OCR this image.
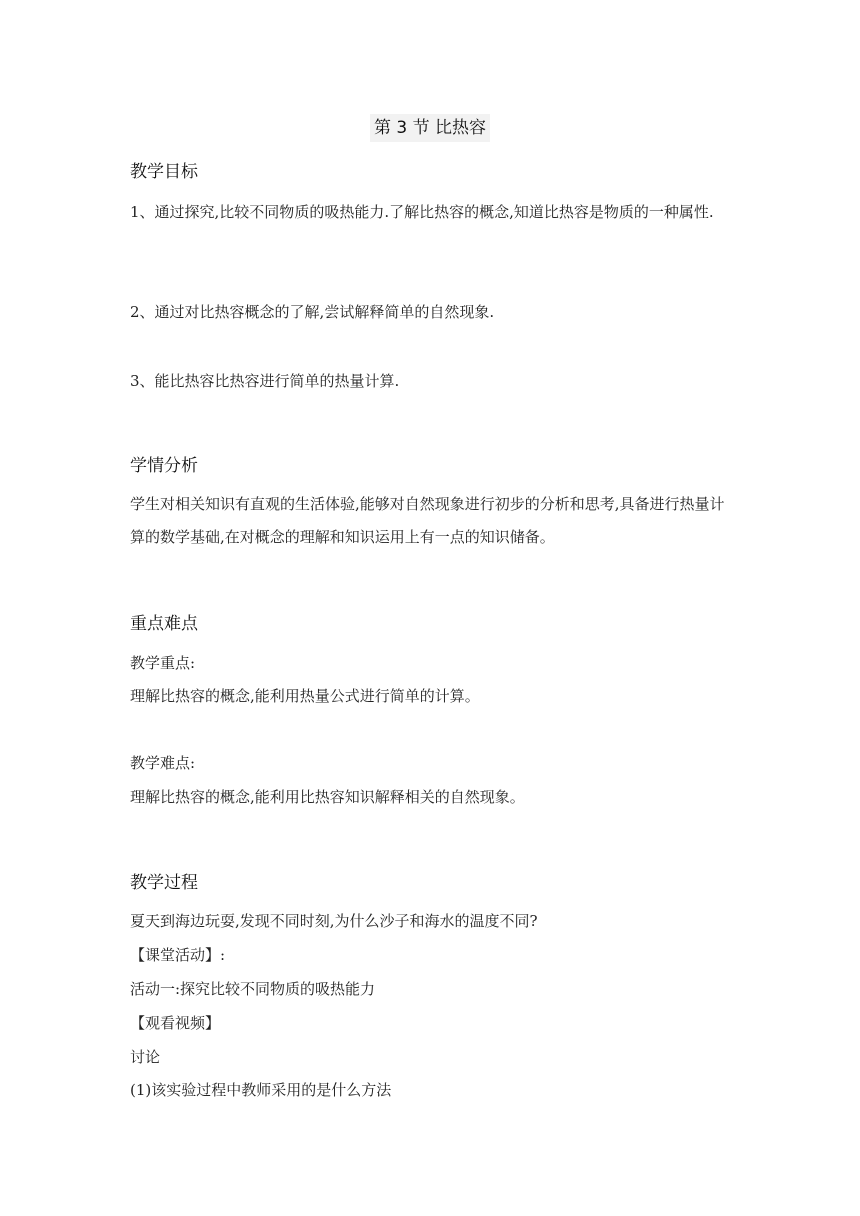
第 3 节 比热容
教学目标
1、通过探究,比较不同物质的吸热能力.了解比热容的概念,知道比热容是物质的一种属性.
2、通过对比热容概念的了解,尝试解释简单的自然现象.
3、能比热容比热容进行简单的热量计算.
学情分析
学生对相关知识有直观的生活体验,能够对自然现象进行初步的分析和思考,具备进行热量计算的数学基础,在对概念的理解和知识运用上有一点的知识储备。
重点难点
教学重点:
理解比热容的概念,能利用热量公式进行简单的计算。
教学难点:
理解比热容的概念,能利用比热容知识解释相关的自然现象。
教学过程
夏天到海边玩耍,发现不同时刻,为什么沙子和海水的温度不同?
【课堂活动】:
活动一:探究比较不同物质的吸热能力
【观看视频】
讨论
(1)该实验过程中教师采用的是什么方法
